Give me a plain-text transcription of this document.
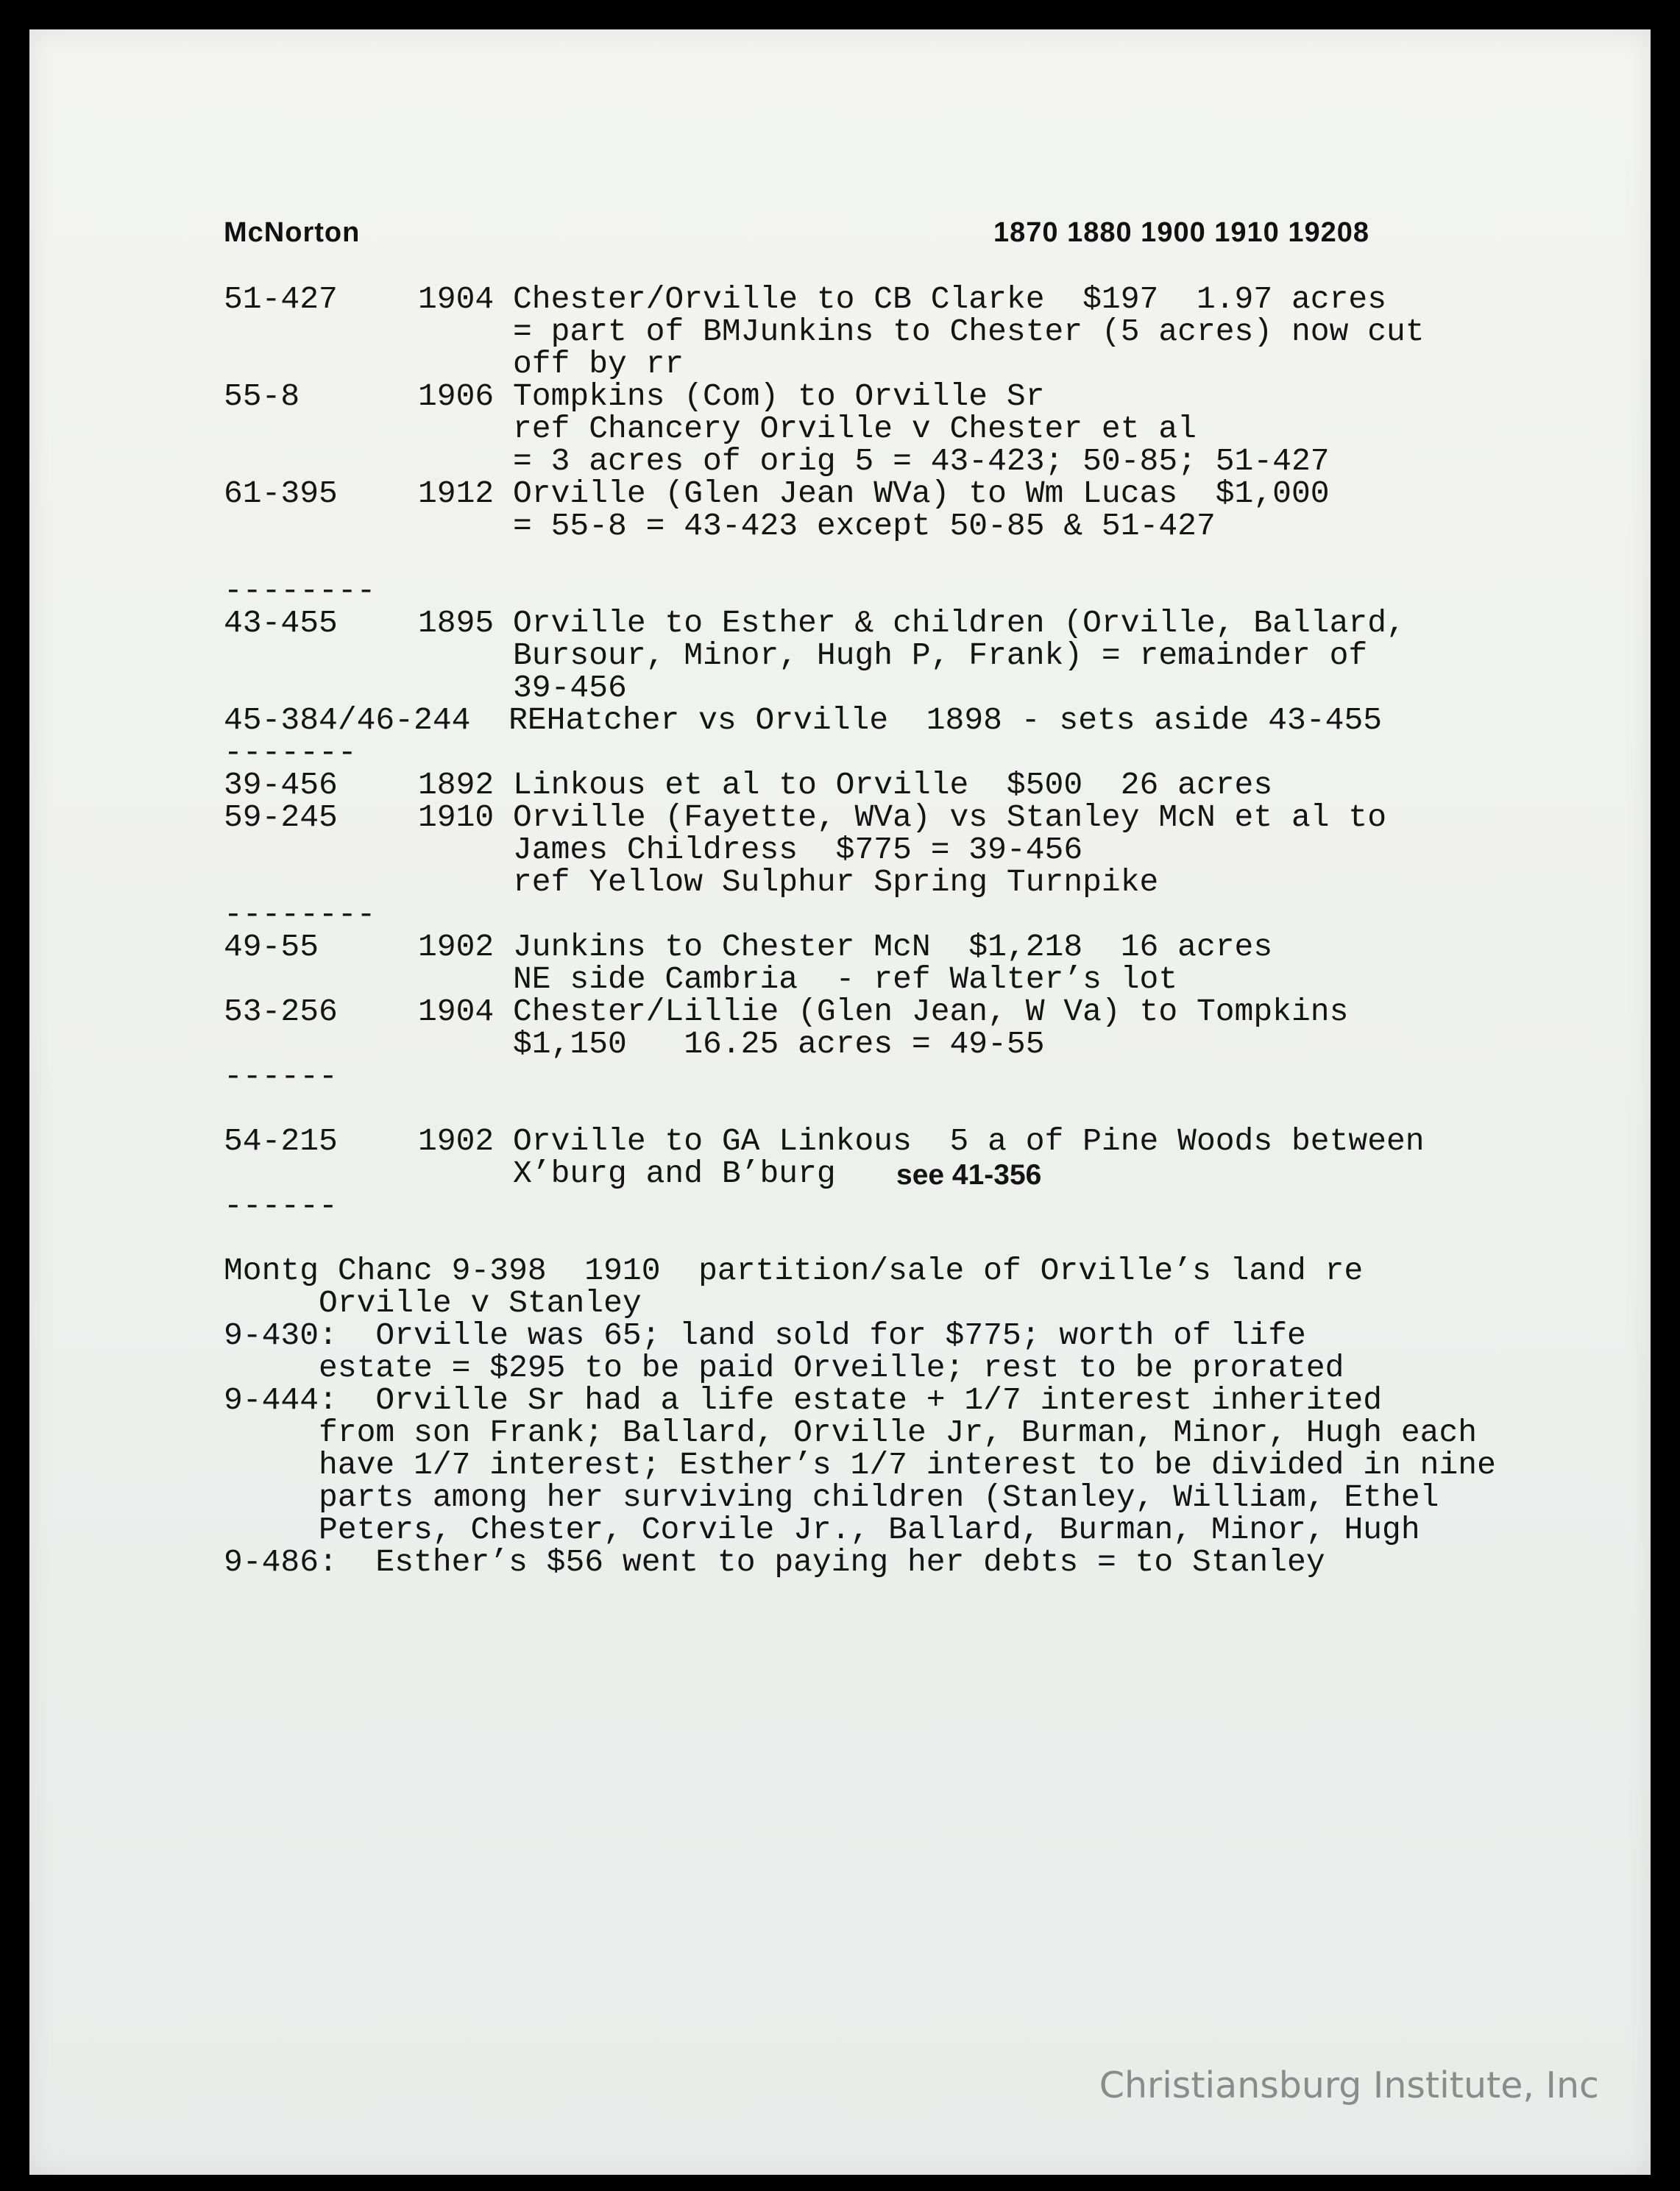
McNorton	1870 1880 1900 1910 19208
51-427	1904 Chester/Orville to CB Clarke  $197  1.97 acres
= part of BMJunkins to Chester (5 acres) now cut
off by rr
55-8	1906 Tompkins (Com) to Orville Sr
ref Chancery Orville v Chester et al
= 3 acres of orig 5 = 43-423; 50-85; 51-427
61-395	1912 Orville (Glen Jean WVa) to Wm Lucas  $1,000
= 55-8 = 43-423 except 50-85 & 51-427
--------
43-455	1895 Orville to Esther & children (Orville, Ballard,
Bursour, Minor, Hugh P, Frank) = remainder of
39-456
45-384/46-244  REHatcher vs Orville  1898 - sets aside 43-455
-------
39-456	1892 Linkous et al to Orville  $500  26 acres
59-245	1910 Orville (Fayette, WVa) vs Stanley McN et al to
James Childress  $775 = 39-456
ref Yellow Sulphur Spring Turnpike
--------
49-55	1902 Junkins to Chester McN  $1,218  16 acres
NE side Cambria  - ref Walter’s lot
53-256	1904 Chester/Lillie (Glen Jean, W Va) to Tompkins
$1,150   16.25 acres = 49-55
------
54-215	1902 Orville to GA Linkous  5 a of Pine Woods between
X’burg and B’burg see 41-356
------
Montg Chanc 9-398  1910  partition/sale of Orville’s land re
Orville v Stanley
9-430:  Orville was 65; land sold for $775; worth of life
estate = $295 to be paid Orveille; rest to be prorated
9-444:  Orville Sr had a life estate + 1/7 interest inherited
from son Frank; Ballard, Orville Jr, Burman, Minor, Hugh each
have 1/7 interest; Esther’s 1/7 interest to be divided in nine
parts among her surviving children (Stanley, William, Ethel
Peters, Chester, Corvile Jr., Ballard, Burman, Minor, Hugh
9-486:  Esther’s $56 went to paying her debts = to Stanley
Christiansburg Institute, Inc
